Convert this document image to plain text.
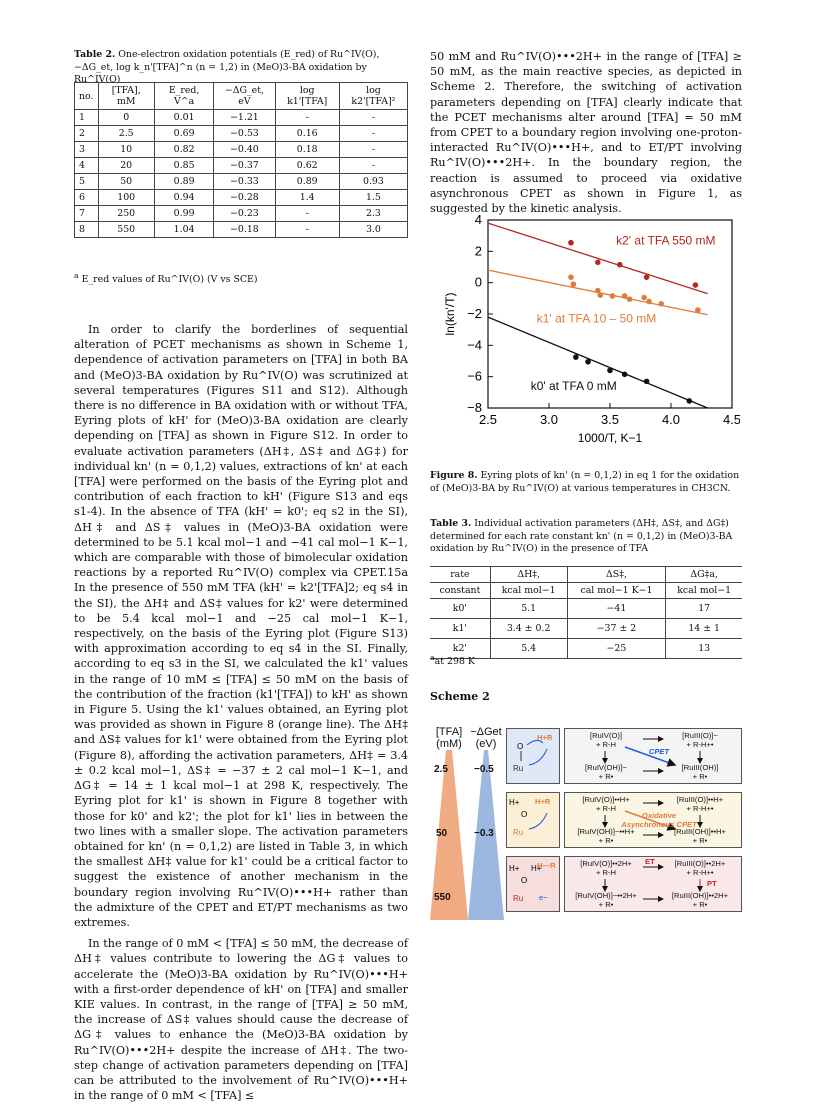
Table 2. One-electron oxidation potentials (E_red) of Ru^IV(O), −ΔG_et, log k_n'[TFA]^n (n = 1,2) in (MeO)3-BA oxidation by Ru^IV(O)
no.	[TFA], mM	E_red, V^a	−ΔG_et, eV	log k1'[TFA]	log k2'[TFA]²
1	0	0.01	−1.21	-	-
2	2.5	0.69	−0.53	0.16	-
3	10	0.82	−0.40	0.18	-
4	20	0.85	−0.37	0.62	-
5	50	0.89	−0.33	0.89	0.93
6	100	0.94	−0.28	1.4	1.5
7	250	0.99	−0.23	-	2.3
8	550	1.04	−0.18	-	3.0
$^a$ E_red values of Ru^IV(O) (V vs SCE)

In order to clarify the borderlines of sequential alteration of PCET mechanisms as shown in Scheme 1, dependence of activation parameters on [TFA] in both BA and (MeO)3-BA oxidation by Ru^IV(O) was scrutinized at several temperatures (Figures S11 and S12). Although there is no difference in BA oxidation with or without TFA, Eyring plots of kH' for (MeO)3-BA oxidation are clearly depending on [TFA] as shown in Figure S12. In order to evaluate activation parameters (ΔH‡, ΔS‡ and ΔG‡) for individual kn' (n = 0,1,2) values, extractions of kn' at each [TFA] were performed on the basis of the Eyring plot and contribution of each fraction to kH' (Figure S13 and eqs s1-4). In the absence of TFA (kH' = k0'; eq s2 in the SI), ΔH‡ and ΔS‡ values in (MeO)3-BA oxidation were determined to be 5.1 kcal mol−1 and −41 cal mol−1 K−1, which are comparable with those of bimolecular oxidation reactions by a reported Ru^IV(O) complex via CPET.15a In the presence of 550 mM TFA (kH' = k2'[TFA]2; eq s4 in the SI), the ΔH‡ and ΔS‡ values for k2' were determined to be 5.4 kcal mol−1 and −25 cal mol−1 K−1, respectively, on the basis of the Eyring plot (Figure S13) with approximation according to eq s4 in the SI. Finally, according to eq s3 in the SI, we calculated the k1' values in the range of 10 mM ≤ [TFA] ≤ 50 mM on the basis of the contribution of the fraction (k1'[TFA]) to kH' as shown in Figure 5. Using the k1' values obtained, an Eyring plot was provided as shown in Figure 8 (orange line). The ΔH‡ and ΔS‡ values for k1' were obtained from the Eyring plot (Figure 8), affording the activation parameters, ΔH‡ = 3.4 ± 0.2 kcal mol−1, ΔS‡ = −37 ± 2 cal mol−1 K−1, and ΔG‡ = 14 ± 1 kcal mol−1 at 298 K, respectively. The Eyring plot for k1' is shown in Figure 8 together with those for k0' and k2'; the plot for k1' lies in between the two lines with a smaller slope. The activation parameters obtained for kn' (n = 0,1,2) are listed in Table 3, in which the smallest ΔH‡ value for k1' could be a critical factor to suggest the existence of another mechanism in the boundary region involving Ru^IV(O)•••H+ rather than the admixture of the CPET and ET/PT mechanisms as two extremes.

In the range of 0 mM < [TFA] ≤ 50 mM, the decrease of ΔH‡ values contribute to lowering the ΔG‡ values to accelerate the (MeO)3-BA oxidation by Ru^IV(O)•••H+ with a first-order dependence of kH' on [TFA] and smaller KIE values. In contrast, in the range of [TFA] ≥ 50 mM, the increase of ΔS‡ values should cause the decrease of ΔG‡ values to enhance the (MeO)3-BA oxidation by Ru^IV(O)•••2H+ despite the increase of ΔH‡. The two-step change of activation parameters depending on [TFA] can be attributed to the involvement of Ru^IV(O)•••H+ in the range of 0 mM < [TFA] ≤

50 mM and Ru^IV(O)•••2H+ in the range of [TFA] ≥ 50 mM, as the main reactive species, as depicted in Scheme 2. Therefore, the switching of activation parameters depending on [TFA] clearly indicate that the PCET mechanisms alter around [TFA] = 50 mM from CPET to a boundary region involving one-proton-interacted Ru^IV(O)•••H+, and to ET/PT involving Ru^IV(O)•••2H+. In the boundary region, the reaction is assumed to proceed via oxidative asynchronous CPET as shown in Figure 1, as suggested by the kinetic analysis.

2.5	3.0	3.5	4.0	4.5
4
2
0
−2
−4
−6
−8
1000/T, K−1
ln(kn'/T)
k2' at TFA 550 mM
k1' at TFA 10 – 50 mM
k0' at TFA 0 mM
Figure 8. Eyring plots of kn' (n = 0,1,2) in eq 1 for the oxidation of (MeO)3-BA by Ru^IV(O) at various temperatures in CH3CN.
Table 3. Individual activation parameters (ΔH‡, ΔS‡, and ΔG‡) determined for each rate constant kn' (n = 0,1,2) in (MeO)3-BA oxidation by Ru^IV(O) in the presence of TFA
rate	ΔH‡,	ΔS‡,	ΔG‡a,
constant	kcal mol−1	cal mol−1 K−1	kcal mol−1
k0'	5.1	−41	17
k1'	3.4 ± 0.2	−37 ± 2	14 ± 1
k2'	5.4	−25	13
$^a$at 298 K
Scheme 2
[TFA]
(mM)
−ΔGet
(eV)
2.5	−0.5
50	−0.3
550
Ru
O
H+R
Ru
H+
O
H+R
Ru
H+ H+
O
H—R
e−
[RuIV(O)]
+ R-H
[RuIII(O)]−
+ R-H+•
[RuIV(OH)]−
+ R•
[RuIII(OH)]
+ R•
CPET
[RuIV(O)]••H+
+ R-H
[RuIII(O)]••H+
+ R-H+•
[RuIV(OH)]−••H+
+ R•
[RuIII(OH)]••H+
+ R•
Oxidative Asynchronous CPET
[RuIV(O)]••2H+
+ R-H
[RuIII(O)]••2H+
+ R-H+•
[RuIV(OH)]−••2H+
+ R•
[RuIII(OH)]••2H+
+ R•
ET
PT
